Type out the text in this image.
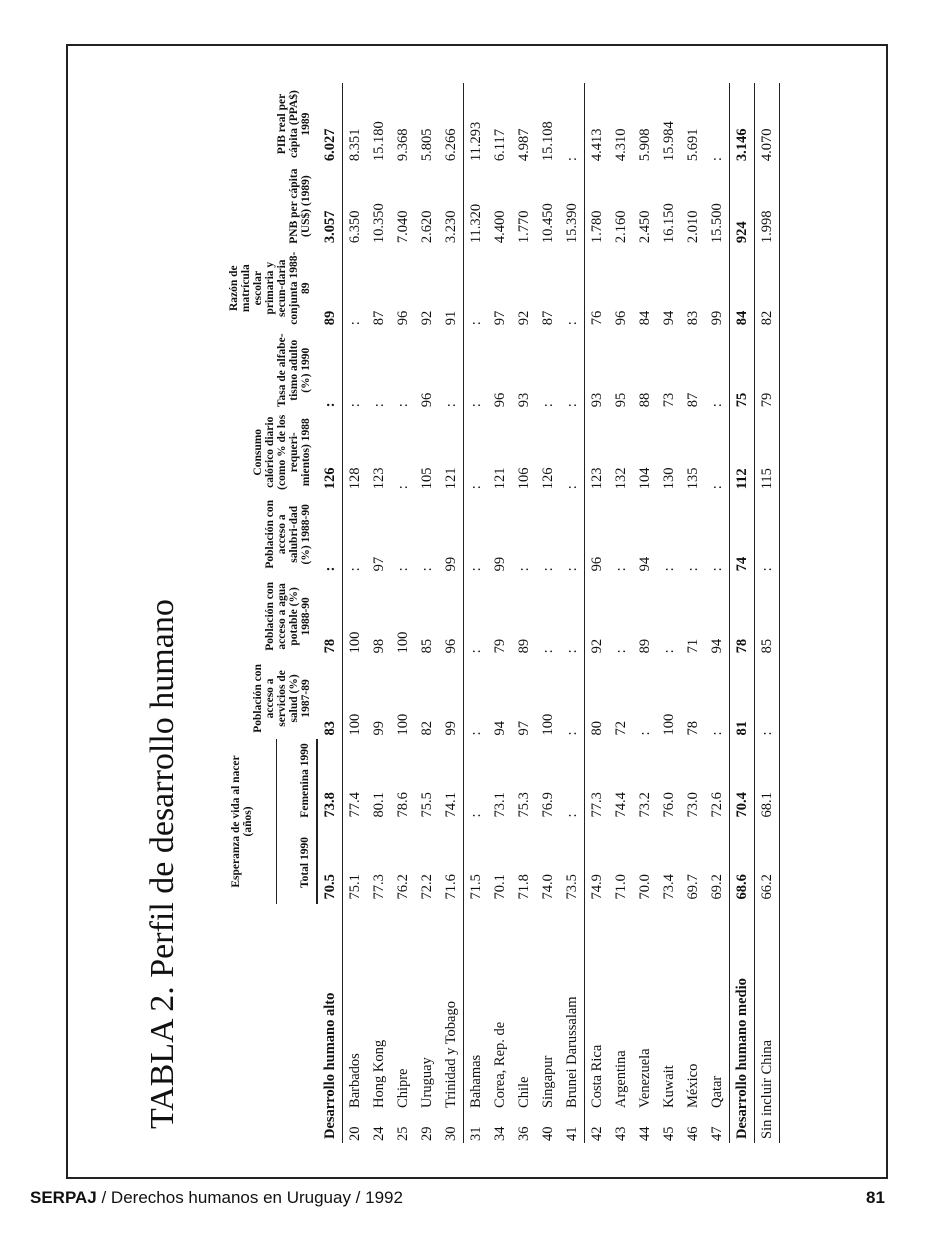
TABLA 2. Perfil de desarrollo humano
		Esperanza de vida al nacer (años)		Población con acceso a servicios de salud (%) 1987-89	Población con acceso a agua potable (%) 1988-90	Población con acceso a salubri-dad (%) 1988-90	Consumo calórico diario (como % de los requeri-mientos) 1988	Tasa de alfabe-tismo adulto (%) 1990	Razón de matrícula escolar primaria y secun-daria conjunta 1988-89	PNB per cápita (US$) (1989)	PIB real per cápita (PPA$) 1989
		Total 1990	Femenina 1990								
Desarrollo humano alto		70.5	73.8	83	78	:	126	:	89	3.057	6.027
20	Barbados	75.1	77.4	100	100	:	128	:	:	6.350	8.351
24	Hong Kong	77.3	80.1	99	98	97	123	:	87	10.350	15.180
25	Chipre	76.2	78.6	100	100	:	:	:	96	7.040	9.368
29	Uruguay	72.2	75.5	82	85	:	105	96	92	2.620	5.805
30	Trinidad y Tobago	71.6	74.1	99	96	99	121	:	91	3.230	6.266
31	Bahamas	71.5	:	:	:	:	:	:	:	11.320	11.293
34	Corea, Rep. de	70.1	73.1	94	79	99	121	96	97	4.400	6.117
36	Chile	71.8	75.3	97	89	:	106	93	92	1.770	4.987
40	Singapur	74.0	76.9	100	:	:	126	:	87	10.450	15.108
41	Brunei Darussalam	73.5	:	:	:	:	:	:	:	15.390	:
42	Costa Rica	74.9	77.3	80	92	96	123	93	76	1.780	4.413
43	Argentina	71.0	74.4	72	:	:	132	95	96	2.160	4.310
44	Venezuela	70.0	73.2	:	89	94	104	88	84	2.450	5.908
45	Kuwait	73.4	76.0	100	:	:	130	73	94	16.150	15.984
46	México	69.7	73.0	78	71	:	135	87	83	2.010	5.691
47	Qatar	69.2	72.6	:	94	:	:	:	99	15.500	:
Desarrollo humano medio		68.6	70.4	81	78	74	112	75	84	924	3.146
Sin incluir China		66.2	68.1	:	85	:	115	79	82	1.998	4.070
SERPAJ / Derechos humanos en Uruguay / 1992	81
